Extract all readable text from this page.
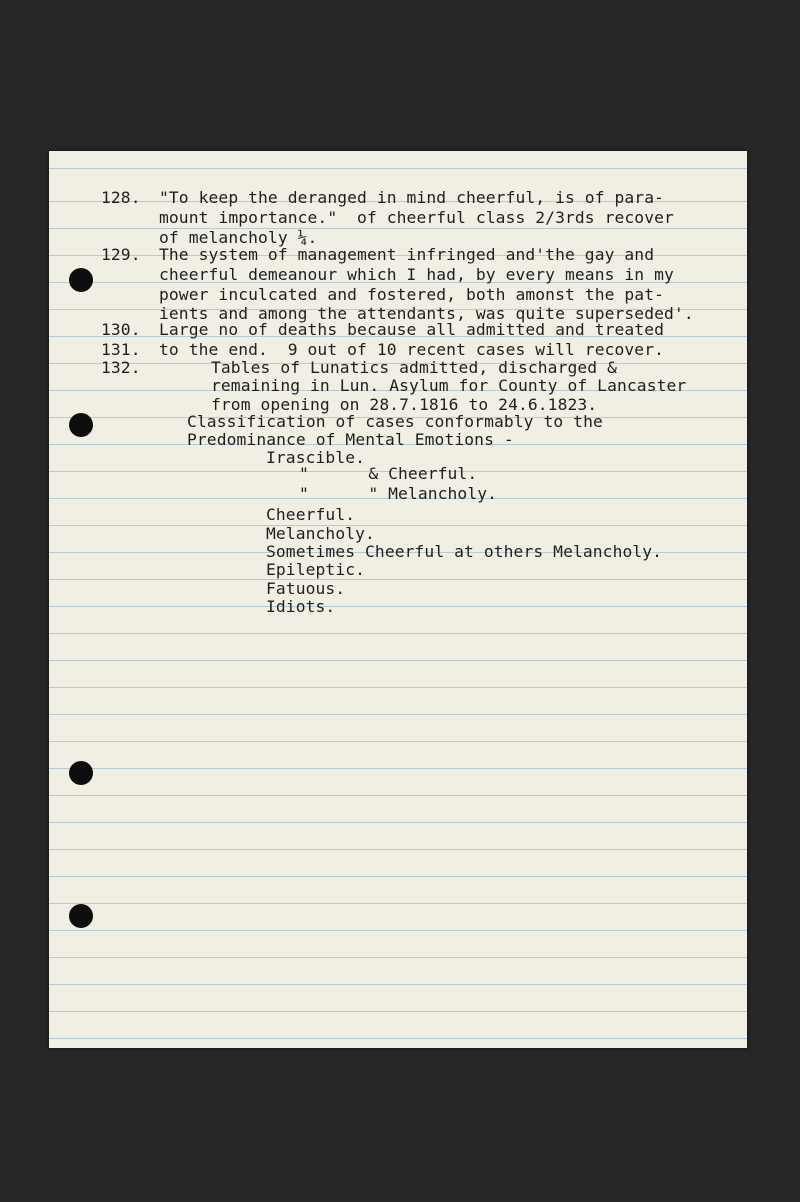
128. "To keep the deranged in mind cheerful, is of para-
mount importance."  of cheerful class 2/3rds recover
of melancholy ¼.
129. The system of management infringed and'the gay and
cheerful demeanour which I had, by every means in my
power inculcated and fostered, both amonst the pat-
ients and among the attendants, was quite superseded'.
130. Large no of deaths because all admitted and treated
131. to the end.  9 out of 10 recent cases will recover.
132.	Tables of Lunatics admitted, discharged &
remaining in Lun. Asylum for County of Lancaster
from opening on 28.7.1816 to 24.6.1823.
Classification of cases conformably to the
Predominance of Mental Emotions -
Irascible.
"      & Cheerful.
"      " Melancholy.
Cheerful.
Melancholy.
Sometimes Cheerful at others Melancholy.
Epileptic.
Fatuous.
Idiots.
